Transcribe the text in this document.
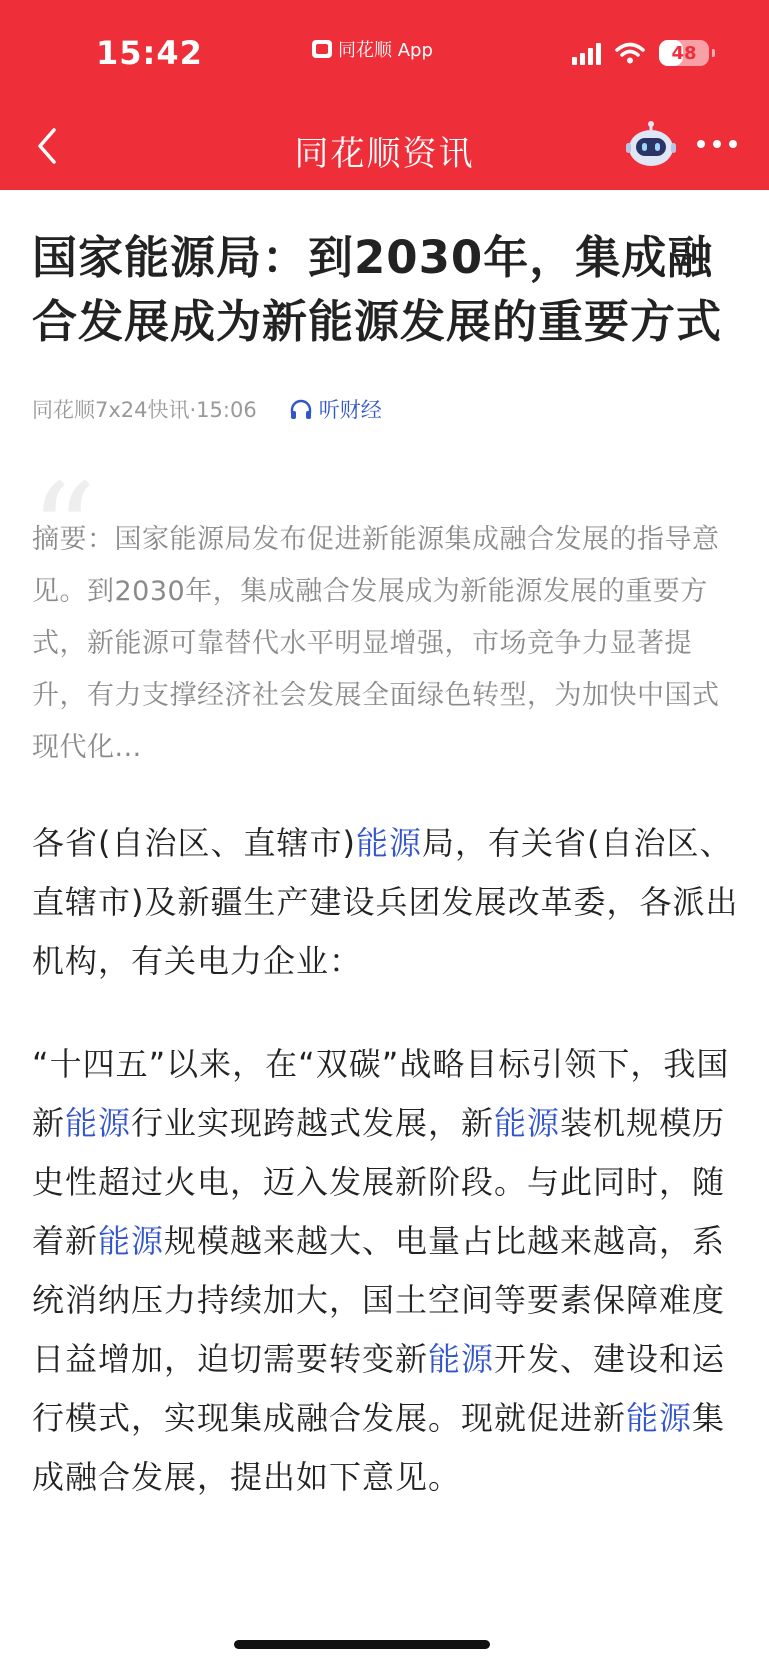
15:42	同花顺 App	48
同花顺资讯
国家能源局：到2030年，集成融合发展成为新能源发展的重要方式
同花顺7x24快讯·15:06	听财经
“

摘要：国家能源局发布促进新能源集成融合发展的指导意见。到2030年，集成融合发展成为新能源发展的重要方式，新能源可靠替代水平明显增强，市场竞争力显著提升，有力支撑经济社会发展全面绿色转型，为加快中国式现代化...

各省(自治区、直辖市)能源局，有关省(自治区、直辖市)及新疆生产建设兵团发展改革委，各派出机构，有关电力企业：

“十四五”以来，在“双碳”战略目标引领下，我国新能源行业实现跨越式发展，新能源装机规模历史性超过火电，迈入发展新阶段。与此同时，随着新能源规模越来越大、电量占比越来越高，系统消纳压力持续加大，国土空间等要素保障难度日益增加，迫切需要转变新能源开发、建设和运行模式，实现集成融合发展。现就促进新能源集成融合发展，提出如下意见。
